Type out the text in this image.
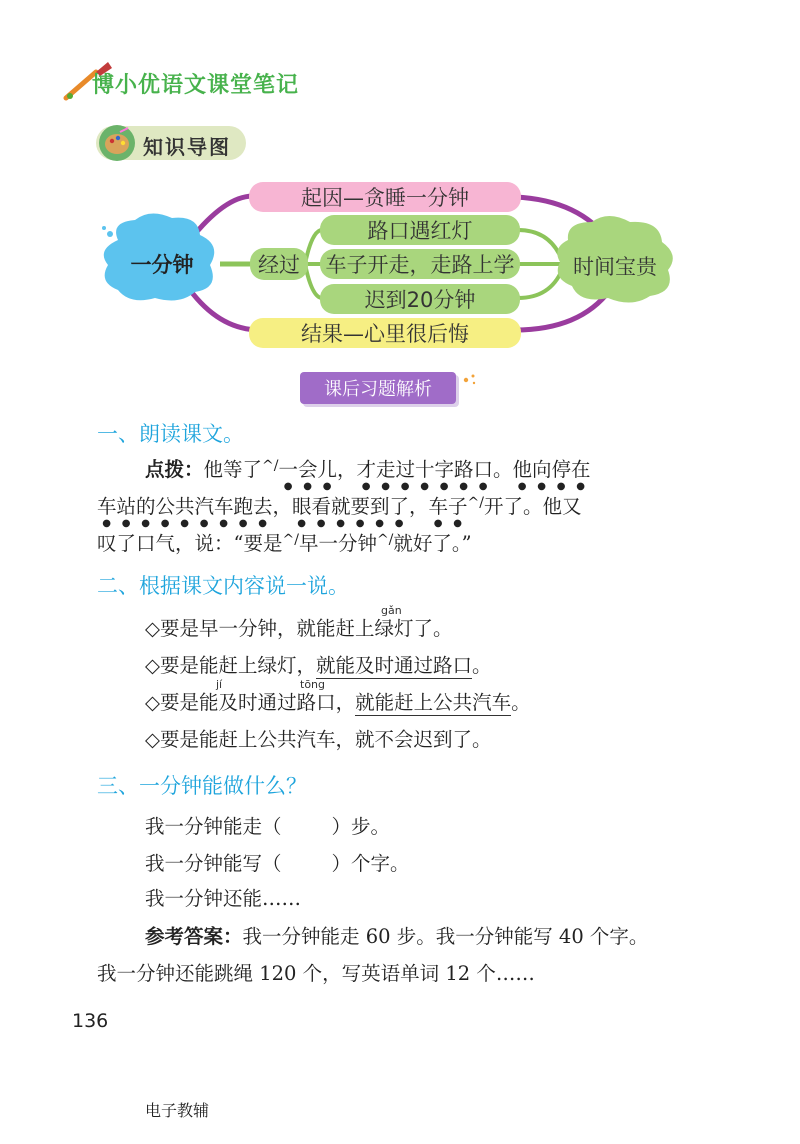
博小优语文课堂笔记
知识导图
一分钟
起因—贪睡一分钟
经过
路口遇红灯
车子开走，走路上学
迟到20分钟
结果—心里很后悔
时间宝贵
课后习题解析
一、朗读课文。
点拨：他等了^/一会儿，才走过十字路口。他向停在
车站的公共汽车跑去，眼看就要到了，车子^/开了。他又
叹了口气，说：“要是^/早一分钟^/就好了。”
二、根据课文内容说一说。
gǎn
◇要是早一分钟，就能赶上绿灯了。
◇要是能赶上绿灯，就能及时通过路口。
jí	tōng
◇要是能及时通过路口，就能赶上公共汽车。
◇要是能赶上公共汽车，就不会迟到了。
三、一分钟能做什么？
我一分钟能走（	）步。
我一分钟能写（	）个字。
我一分钟还能……
参考答案：我一分钟能走 60 步。我一分钟能写 40 个字。
我一分钟还能跳绳 120 个，写英语单词 12 个……
136
电子教辅
